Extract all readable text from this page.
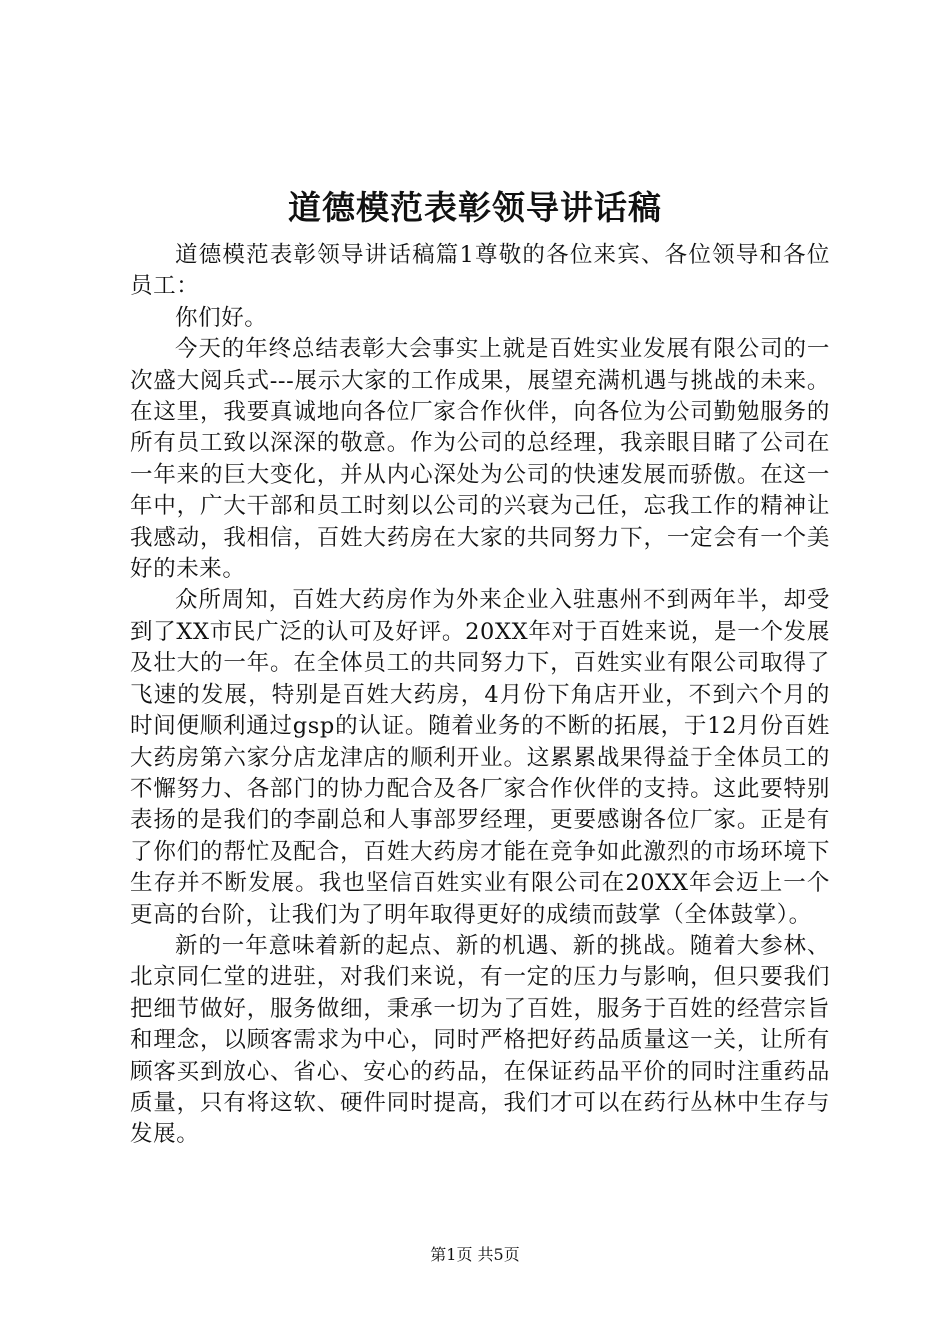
道德模范表彰领导讲话稿

道德模范表彰领导讲话稿篇1尊敬的各位来宾、各位领导和各位员工：

你们好。

今天的年终总结表彰大会事实上就是百姓实业发展有限公司的一次盛大阅兵式---展示大家的工作成果，展望充满机遇与挑战的未来。在这里，我要真诚地向各位厂家合作伙伴，向各位为公司勤勉服务的所有员工致以深深的敬意。作为公司的总经理，我亲眼目睹了公司在一年来的巨大变化，并从内心深处为公司的快速发展而骄傲。在这一年中，广大干部和员工时刻以公司的兴衰为己任，忘我工作的精神让我感动，我相信，百姓大药房在大家的共同努力下，一定会有一个美好的未来。

众所周知，百姓大药房作为外来企业入驻惠州不到两年半，却受到了XX市民广泛的认可及好评。20XX年对于百姓来说，是一个发展及壮大的一年。在全体员工的共同努力下，百姓实业有限公司取得了飞速的发展，特别是百姓大药房，4月份下角店开业，不到六个月的时间便顺利通过gsp的认证。随着业务的不断的拓展，于12月份百姓大药房第六家分店龙津店的顺利开业。这累累战果得益于全体员工的不懈努力、各部门的协力配合及各厂家合作伙伴的支持。这此要特别表扬的是我们的李副总和人事部罗经理，更要感谢各位厂家。正是有了你们的帮忙及配合，百姓大药房才能在竞争如此激烈的市场环境下生存并不断发展。我也坚信百姓实业有限公司在20XX年会迈上一个更高的台阶，让我们为了明年取得更好的成绩而鼓掌（全体鼓掌）。

新的一年意味着新的起点、新的机遇、新的挑战。随着大参林、北京同仁堂的进驻，对我们来说，有一定的压力与影响，但只要我们把细节做好，服务做细，秉承一切为了百姓，服务于百姓的经营宗旨和理念，以顾客需求为中心，同时严格把好药品质量这一关，让所有顾客买到放心、省心、安心的药品，在保证药品平价的同时注重药品质量，只有将这软、硬件同时提高，我们才可以在药行丛林中生存与发展。

第1页 共5页
